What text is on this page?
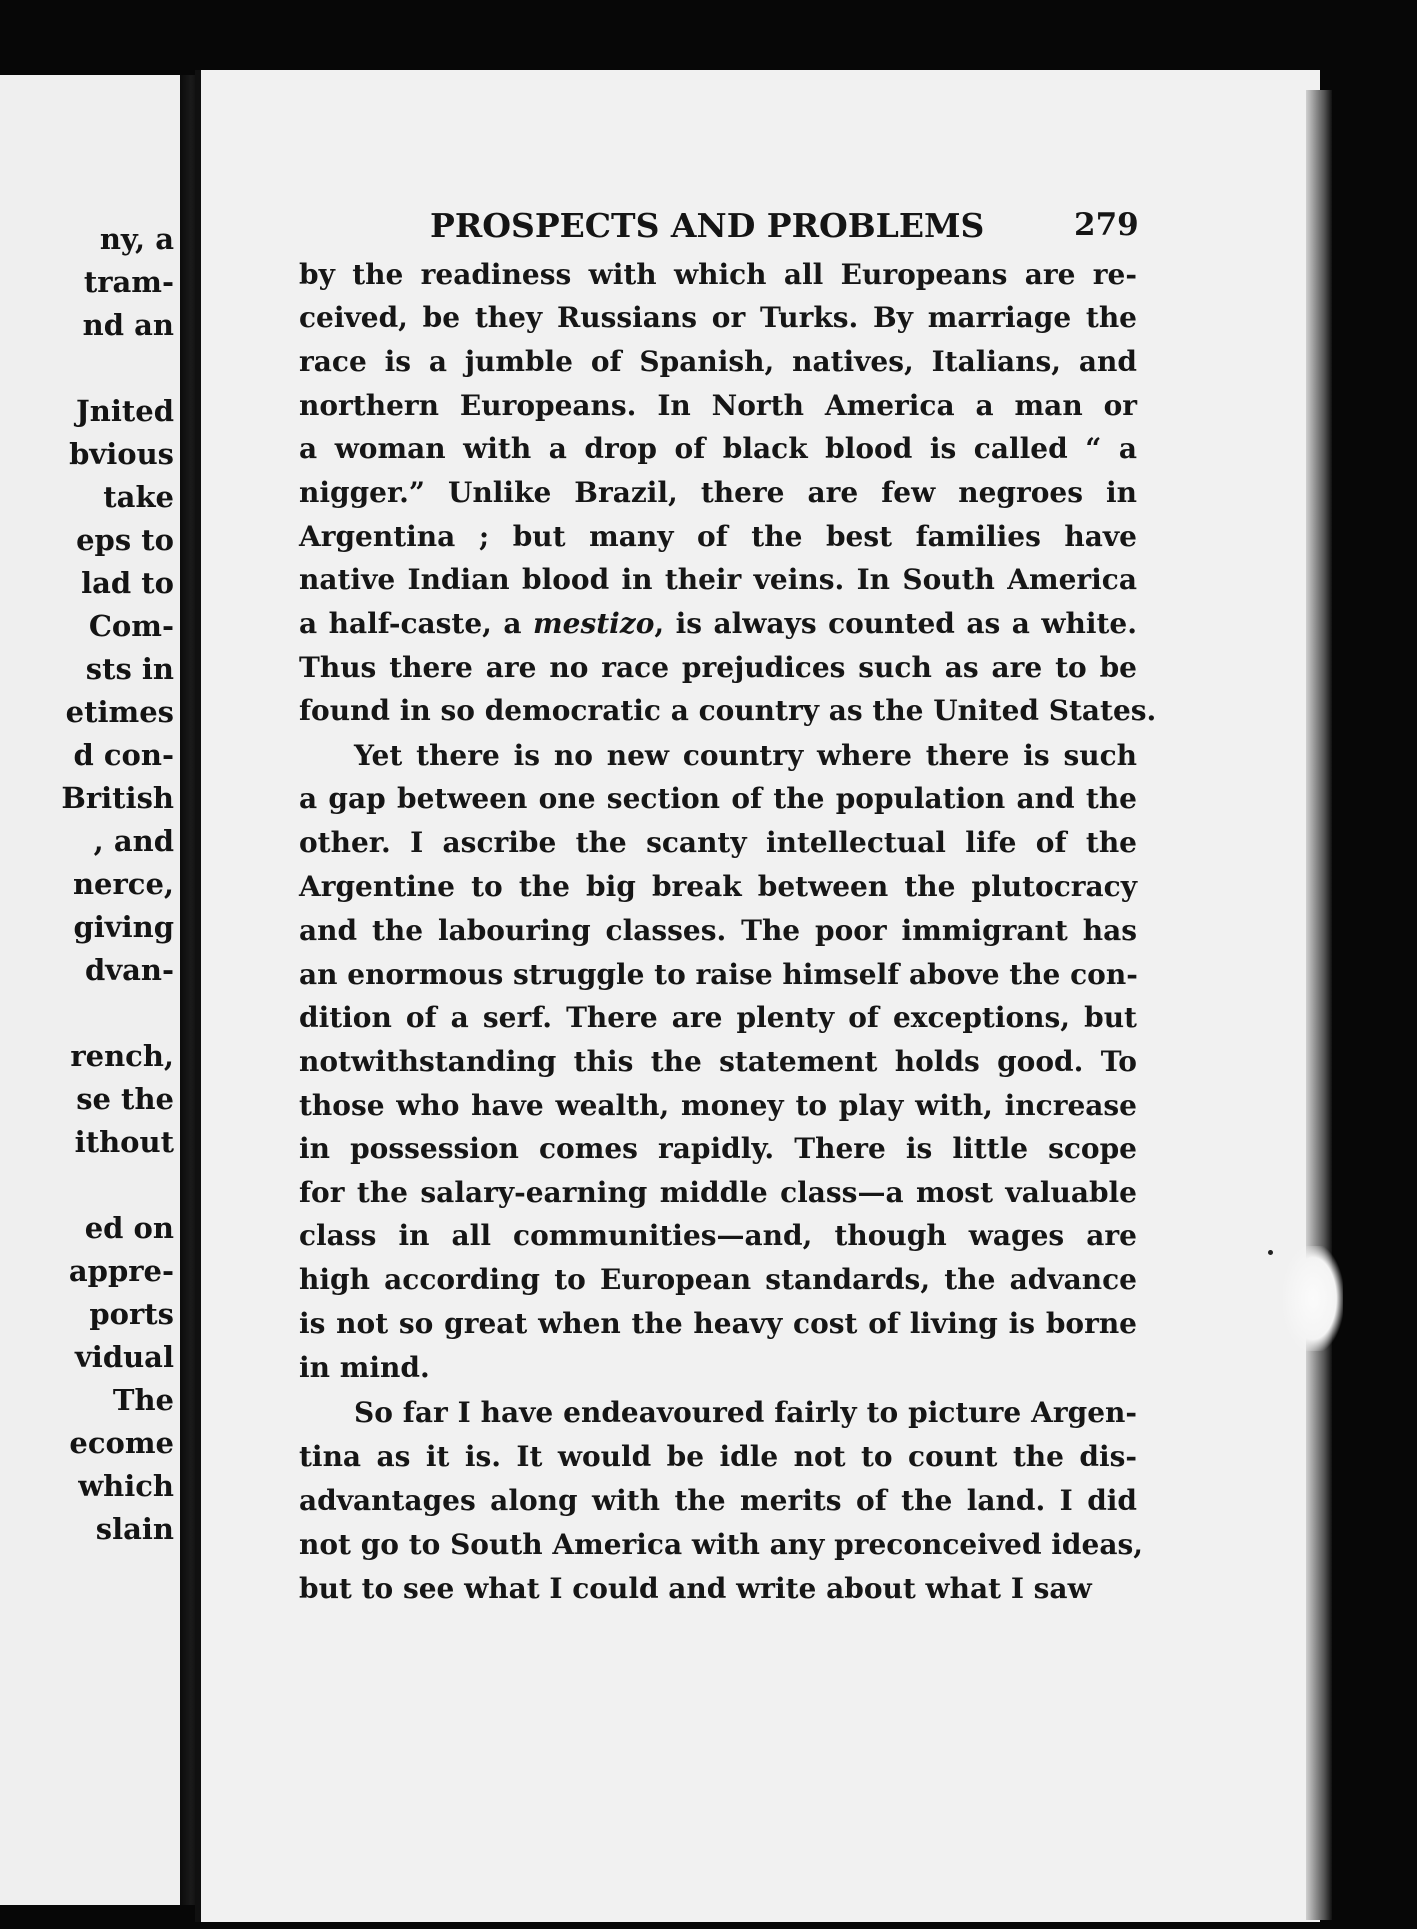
ny, a
tram-
nd an
Jnited
bvious
take
eps to
lad to
Com-
sts in
etimes
d con-
British
, and
nerce,
giving
dvan-
rench,
se the
ithout
ed on
appre-
ports
vidual
The
ecome
which
slain
PROSPECTS AND PROBLEMS	279
by the readiness with which all Europeans are re-
ceived, be they Russians or Turks. By marriage the
race is a jumble of Spanish, natives, Italians, and
northern Europeans. In North America a man or
a woman with a drop of black blood is called “ a
nigger.” Unlike Brazil, there are few negroes in
Argentina ; but many of the best families have
native Indian blood in their veins. In South America
a half-caste, a mestizo, is always counted as a white.
Thus there are no race prejudices such as are to be
found in so democratic a country as the United States.
Yet there is no new country where there is such
a gap between one section of the population and the
other. I ascribe the scanty intellectual life of the
Argentine to the big break between the plutocracy
and the labouring classes. The poor immigrant has
an enormous struggle to raise himself above the con-
dition of a serf. There are plenty of exceptions, but
notwithstanding this the statement holds good. To
those who have wealth, money to play with, increase
in possession comes rapidly. There is little scope
for the salary-earning middle class—a most valuable
class in all communities—and, though wages are
high according to European standards, the advance
is not so great when the heavy cost of living is borne
in mind.
So far I have endeavoured fairly to picture Argen-
tina as it is. It would be idle not to count the dis-
advantages along with the merits of the land. I did
not go to South America with any preconceived ideas,
but to see what I could and write about what I saw
